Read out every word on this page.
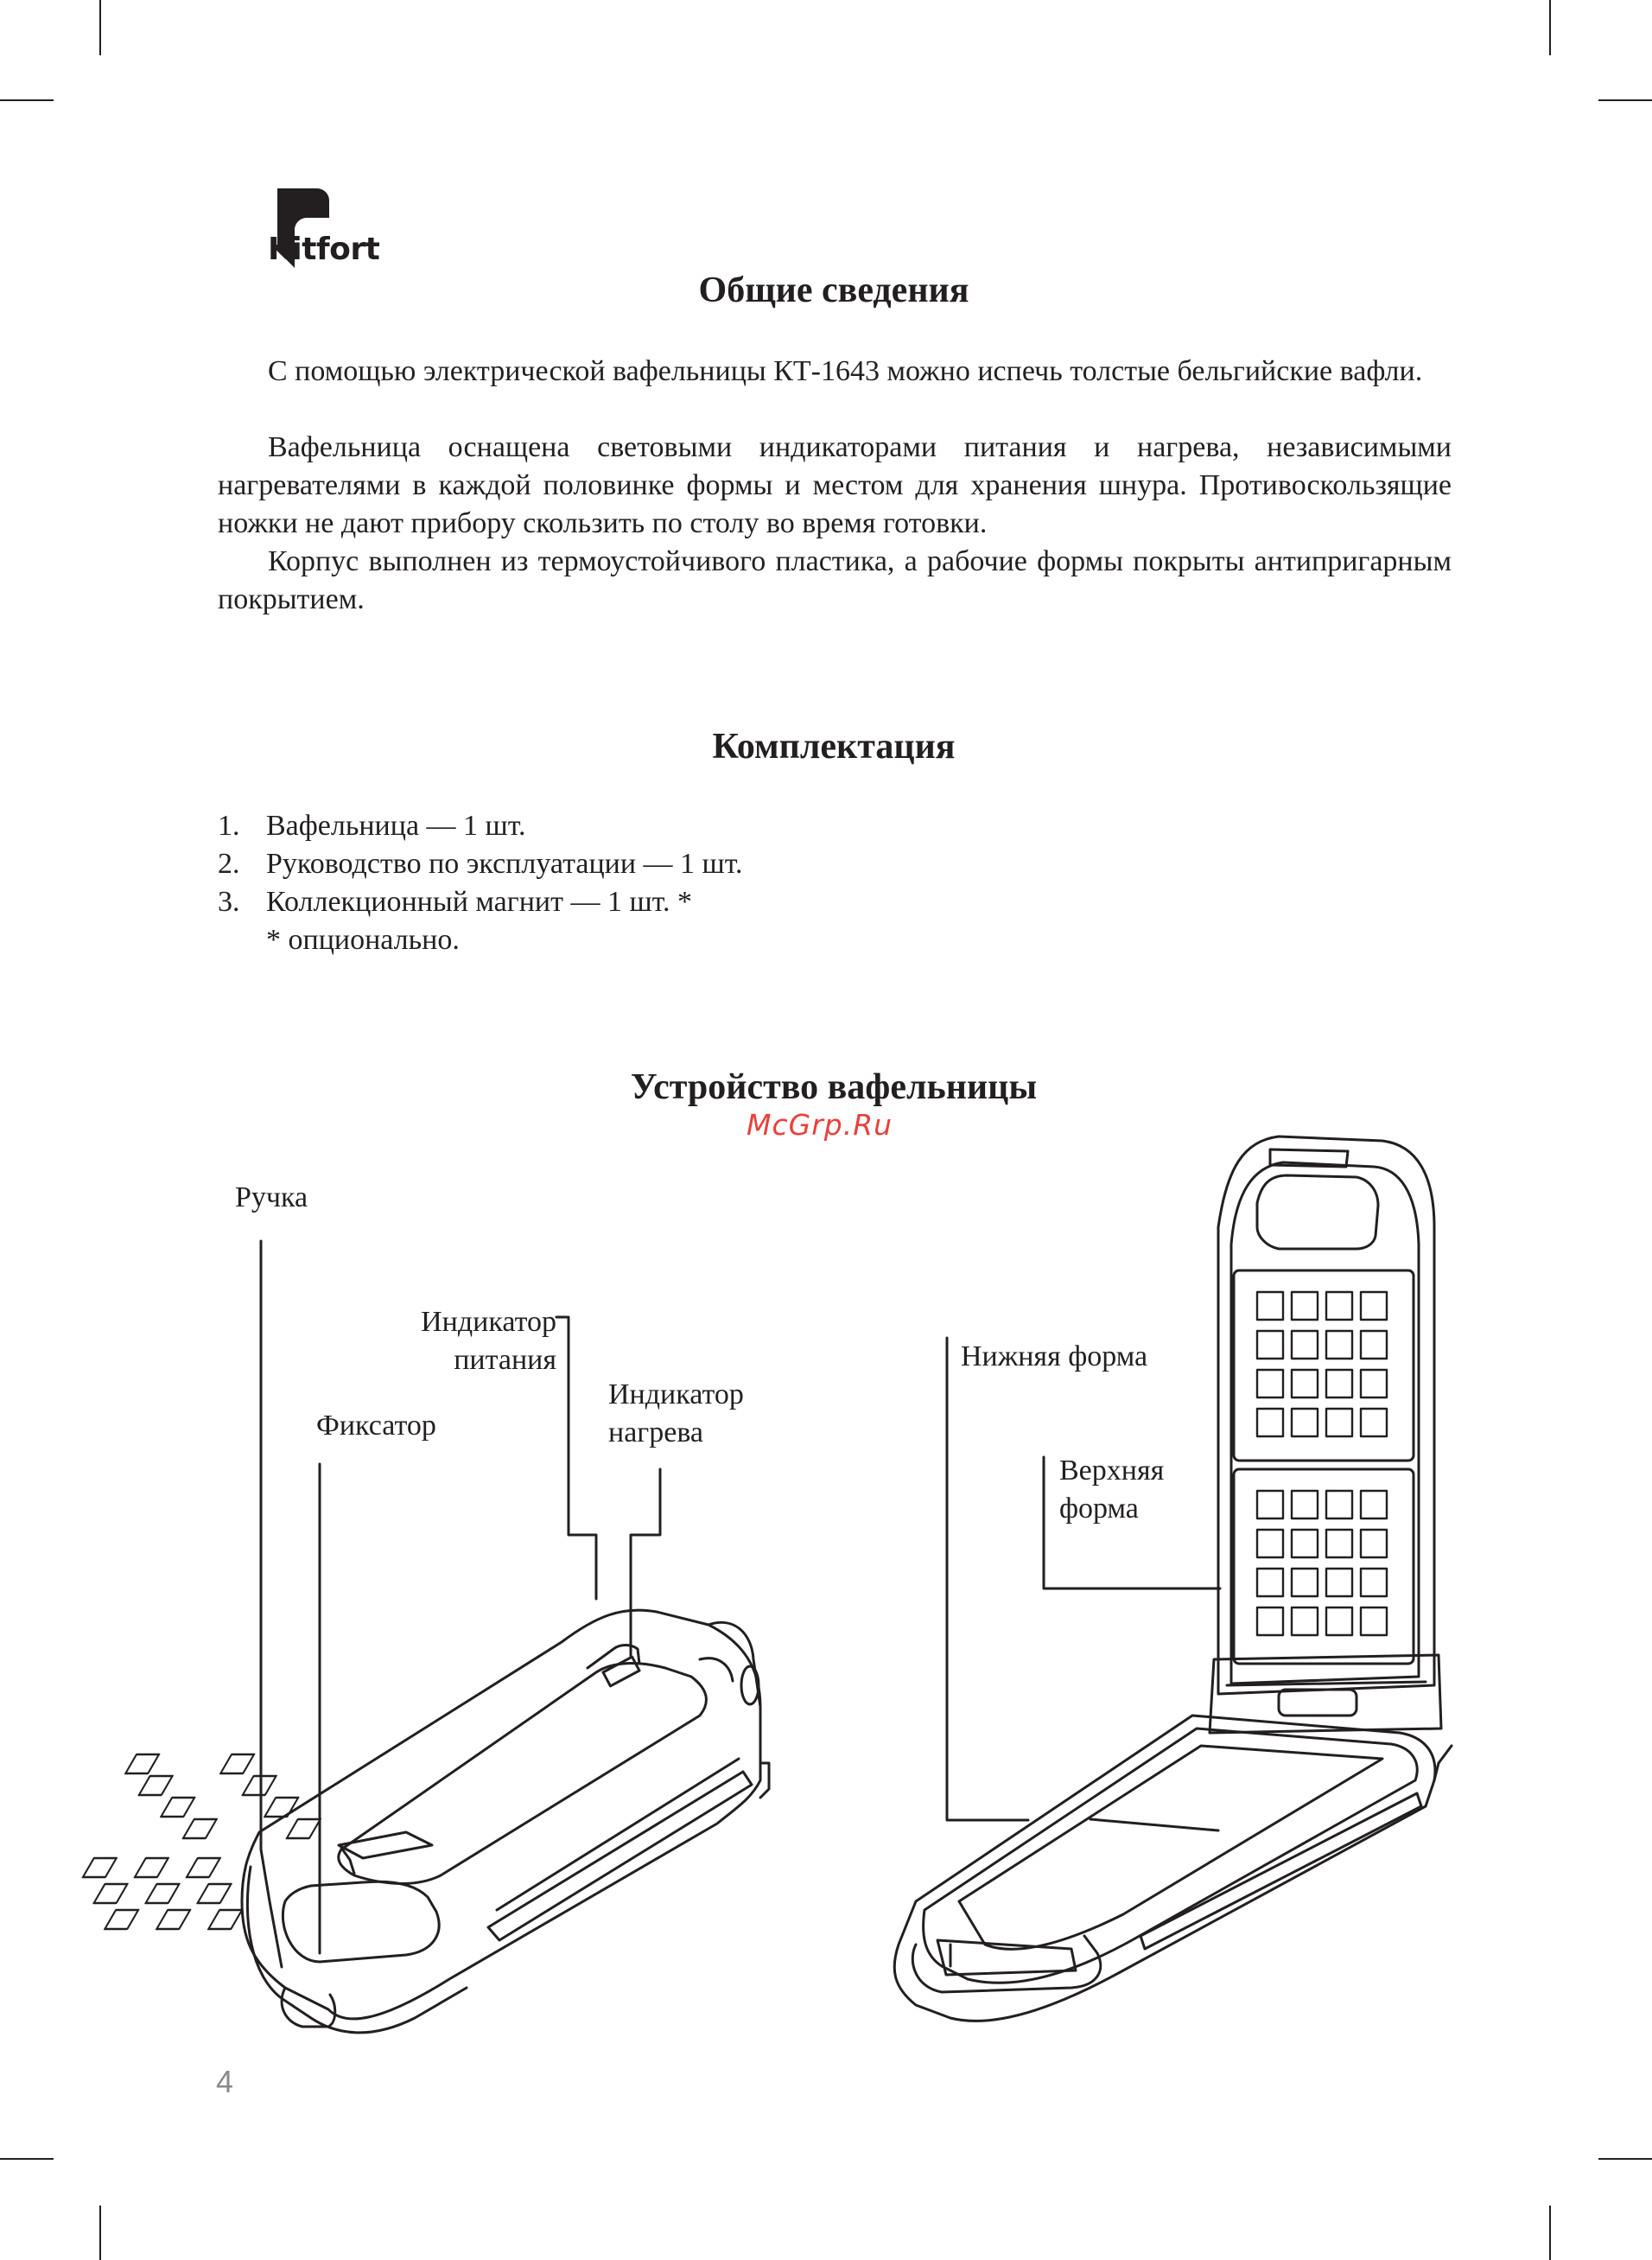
Kitfort
Общие сведения

С помощью электрической вафельницы КТ-1643 можно испечь толстые бельгийские вафли.

Вафельница оснащена световыми индикаторами питания и нагрева, независимыми нагревателями в каждой половинке формы и местом для хранения шнура. Противоскользящие ножки не дают прибору скользить по столу во время готовки.

Корпус выполнен из термоустойчивого пластика, а рабочие формы покрыты антипригарным покрытием.

Комплектация
1. Вафельница — 1 шт.
2. Руководство по эксплуатации — 1 шт.
3. Коллекционный магнит — 1 шт. *
* опционально.
Устройство вафельницы
McGrp.Ru
Ручка
Индикатор
питания
Индикатор
нагрева
Фиксатор
Нижняя форма
Верхняя
форма
4
